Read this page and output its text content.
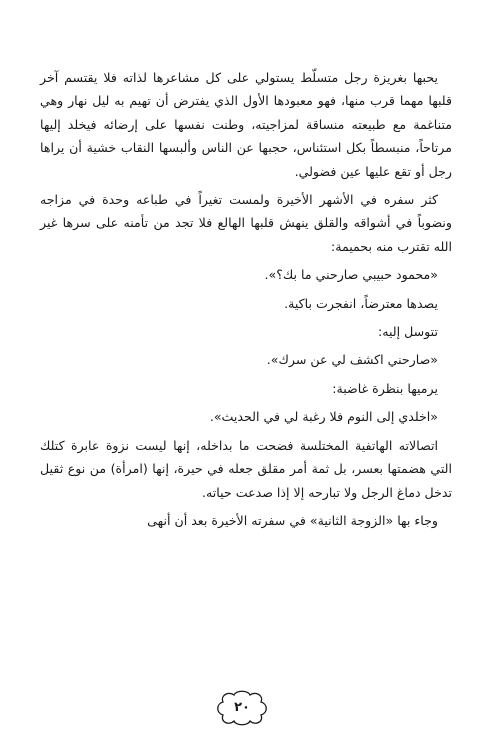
يحبها بغريزة رجل متسلّط يستولي على كل مشاعرها لذاته فلا يقتسم آخر قلبها مهما قرب منها، فهو معبودها الأول الذي يفترض أن تهيم به ليل نهار وهي متناغمة مع طبيعته منساقة لمزاجيته، وطنت نفسها على إرضائه فيخلد إليها مرتاحاً، منبسطاً بكل استئناس، حجبها عن الناس وألبسها النقاب خشية أن يراها رجل أو تقع عليها عين فضولي.

كثر سفره في الأشهر الأخيرة ولمست تغيراً في طباعه وحدة في مزاجه ونضوباً في أشواقه والقلق ينهش قلبها الهالع فلا تجد من تأمنه على سرها غير الله تقترب منه بحميمة:

«محمود حبيبي صارحني ما بك؟».

يصدها معترضاً، انفجرت باكية.

تتوسل إليه:

«صارحني اكشف لي عن سرك».

يرميها بنظرة غاضبة:

«اخلدي إلى النوم فلا رغبة لي في الحديث».

اتصالاته الهاتفية المختلسة فضحت ما بداخله، إنها ليست نزوة عابرة كتلك التي هضمتها بعسر، بل ثمة أمر مقلق جعله في حيرة، إنها (امرأة) من نوع ثقيل تدخل دماغ الرجل ولا تبارحه إلا إذا صدعت حياته.

وجاء بها «الزوجة الثانية» في سفرته الأخيرة بعد أن أنهى

٢٠
